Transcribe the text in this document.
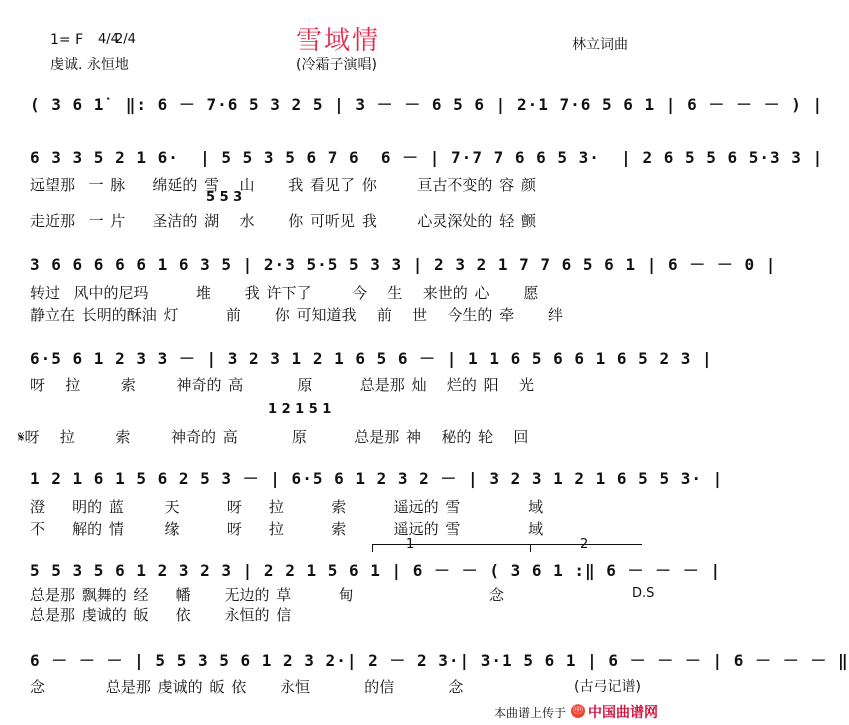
1= F 4/4
2/4
虔诚. 永恒地
雪域情
(冷霜子演唱)
林立词曲
( 3 6 1̇  ‖: 6 － 7·6 5 3 2 5 | 3 － － 6 5 6 | 2·1 7·6 5 6 1 | 6 － － － ) |
6 3 3 5 2 1 6·  | 5 5 3 5 6 7 6  6 － | 7·7 7 6 6 5 3·  | 2 6 5 5 6 5·3 3 |
远望那  一 脉    绵延的 雪   山     我 看见了 你      亘古不变的 容 颜
5 5 3
走近那  一 片    圣洁的 湖   水     你 可听见 我      心灵深处的 轻 颤
3 6 6 6 6 6 1 6 3 5 | 2·3 5·5 5 3 3 | 2 3 2 1 7 7 6 5 6 1 | 6 － － 0 |
转过  风中的尼玛       堆     我 许下了      今   生   来世的 心     愿
静立在 长明的酥油 灯       前     你 可知道我   前   世   今生的 牵     绊
6·5 6 1 2 3 3 － | 3 2 3 1 2 1 6 5 6 － | 1 1 6 5 6 6 1 6 5 2 3 |
呀   拉      索      神奇的 高        原       总是那 灿   烂的 阳   光
1 2 1 5 1
𝄋呀   拉      索      神奇的 高        原       总是那 神   秘的 轮   回
1 2 1 6 1 5 6 2 5 3 － | 6·5 6 1 2 3 2 － | 3 2 3 1 2 1 6 5 5 3· |
澄    明的 蓝      天       呀    拉       索       遥远的 雪          域
不    解的 情      缘       呀    拉       索       遥远的 雪          域
1	2
5 5 3 5 6 1 2 3 2 3 | 2 2 1 5 6 1 | 6 － － ( 3 6 1 :‖ 6 － － － |
总是那 飘舞的 经    幡     无边的 草       甸                    念	D.S
总是那 虔诚的 皈    依     永恒的 信
6 － － － | 5 5 3 5 6 1 2 3 2·| 2 － 2 3·| 3·1 5 6 1 | 6 － － － | 6 － － － ‖
念         总是那 虔诚的 皈 依     永恒        的信        念
本曲谱上传于 ㊥ 中国曲谱网
(古弓记谱)
